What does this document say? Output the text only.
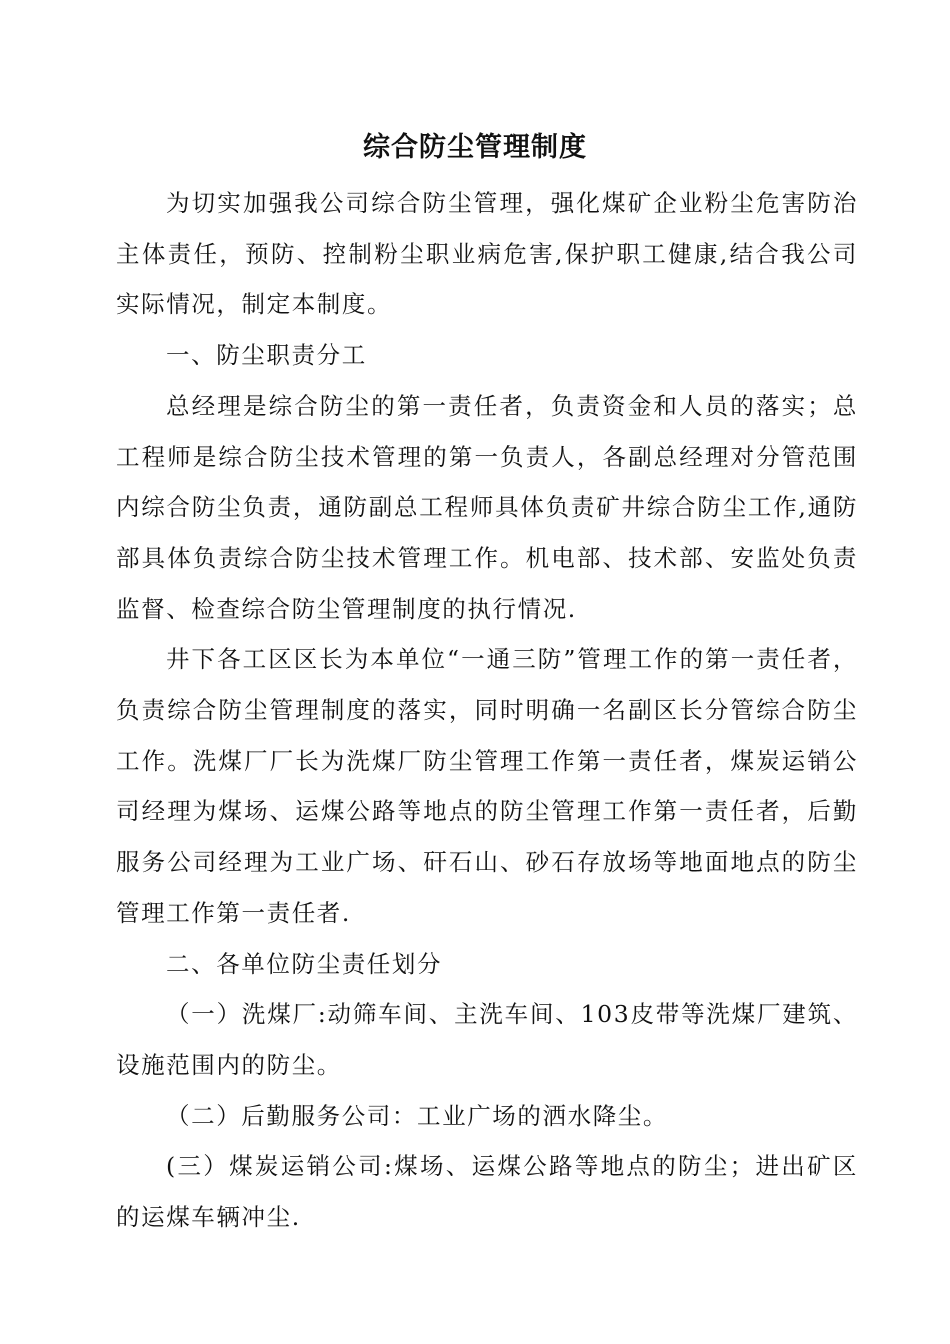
综合防尘管理制度

为切实加强我公司综合防尘管理，强化煤矿企业粉尘危害防治主体责任，预防、控制粉尘职业病危害,保护职工健康,结合我公司实际情况，制定本制度。

一、防尘职责分工

总经理是综合防尘的第一责任者，负责资金和人员的落实；总工程师是综合防尘技术管理的第一负责人，各副总经理对分管范围内综合防尘负责，通防副总工程师具体负责矿井综合防尘工作,通防部具体负责综合防尘技术管理工作。机电部、技术部、安监处负责监督、检查综合防尘管理制度的执行情况.

井下各工区区长为本单位“一通三防”管理工作的第一责任者，负责综合防尘管理制度的落实，同时明确一名副区长分管综合防尘工作。洗煤厂厂长为洗煤厂防尘管理工作第一责任者，煤炭运销公司经理为煤场、运煤公路等地点的防尘管理工作第一责任者，后勤服务公司经理为工业广场、矸石山、砂石存放场等地面地点的防尘管理工作第一责任者.

二、各单位防尘责任划分

（一）洗煤厂:动筛车间、主洗车间、103皮带等洗煤厂建筑、设施范围内的防尘。

（二）后勤服务公司：工业广场的洒水降尘。

(三）煤炭运销公司:煤场、运煤公路等地点的防尘；进出矿区的运煤车辆冲尘.
